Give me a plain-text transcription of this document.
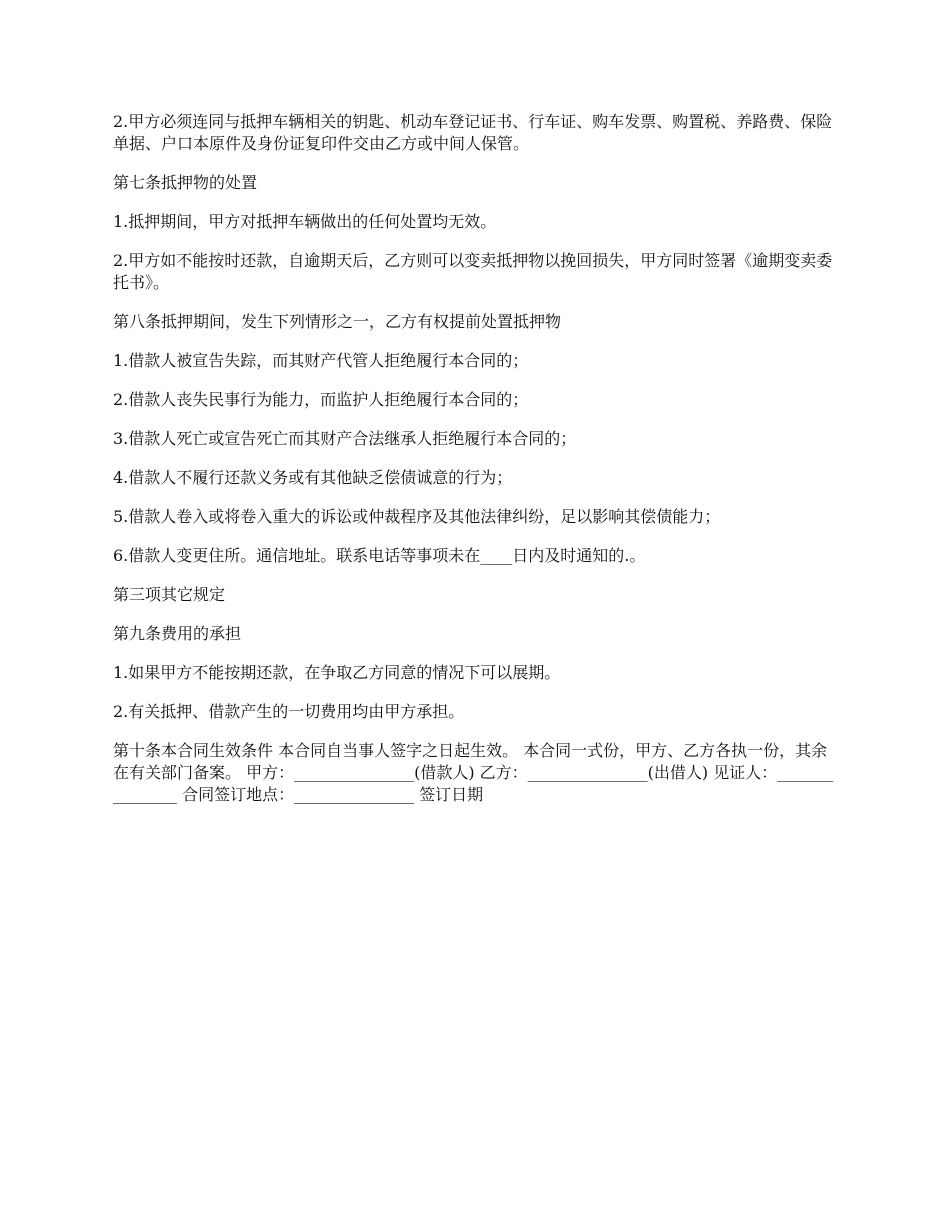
2.甲方必须连同与抵押车辆相关的钥匙、机动车登记证书、行车证、购车发票、购置税、养路费、保险单据、户口本原件及身份证复印件交由乙方或中间人保管。

第七条抵押物的处置

1.抵押期间，甲方对抵押车辆做出的任何处置均无效。

2.甲方如不能按时还款，自逾期天后，乙方则可以变卖抵押物以挽回损失，甲方同时签署《逾期变卖委托书》。

第八条抵押期间，发生下列情形之一，乙方有权提前处置抵押物

1.借款人被宣告失踪，而其财产代管人拒绝履行本合同的；

2.借款人丧失民事行为能力，而监护人拒绝履行本合同的；

3.借款人死亡或宣告死亡而其财产合法继承人拒绝履行本合同的；

4.借款人不履行还款义务或有其他缺乏偿债诚意的行为；

5.借款人卷入或将卷入重大的诉讼或仲裁程序及其他法律纠纷，足以影响其偿债能力；

6.借款人变更住所。通信地址。联系电话等事项未在____日内及时通知的.。

第三项其它规定

第九条费用的承担

1.如果甲方不能按期还款，在争取乙方同意的情况下可以展期。

2.有关抵押、借款产生的一切费用均由甲方承担。

第十条本合同生效条件 本合同自当事人签字之日起生效。 本合同一式份，甲方、乙方各执一份，其余在有关部门备案。 甲方：_______________(借款人) 乙方：_______________(出借人) 见证人：_______________ 合同签订地点：_______________ 签订日期
